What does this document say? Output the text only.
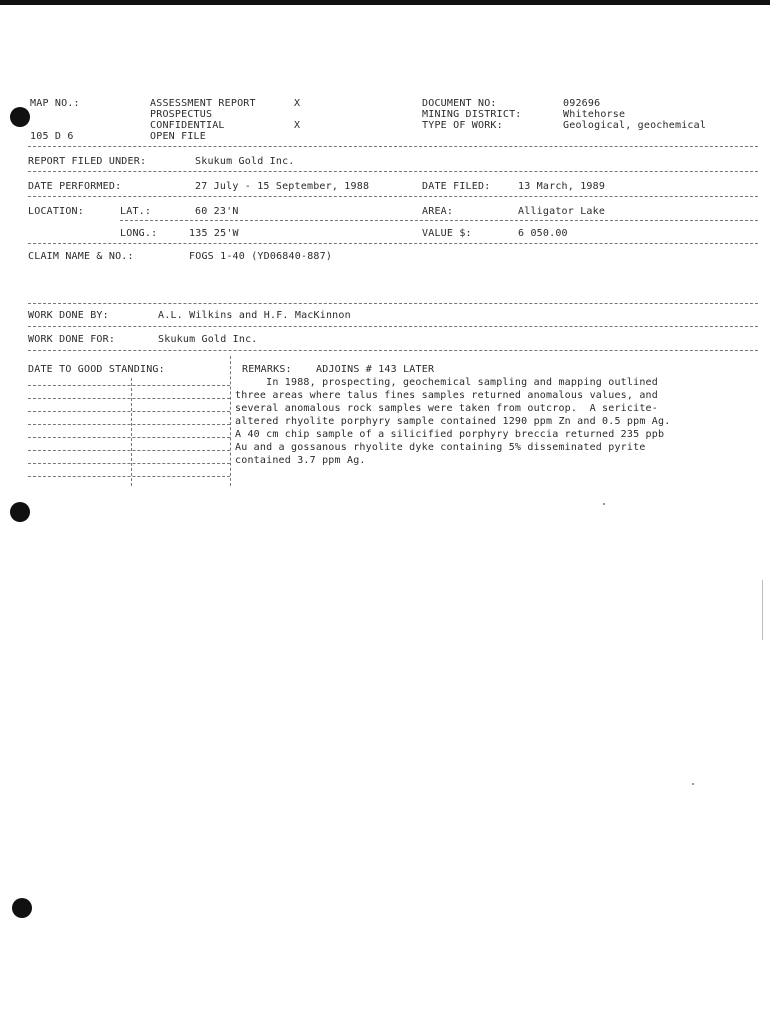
MAP NO.:
105 D 6
ASSESSMENT REPORT	X
PROSPECTUS
CONFIDENTIAL	X
OPEN FILE
DOCUMENT NO:	092696
MINING DISTRICT:	Whitehorse
TYPE OF WORK:	Geological, geochemical
REPORT FILED UNDER:	Skukum Gold Inc.
DATE PERFORMED:	27 July - 15 September, 1988	DATE FILED:	13 March, 1989
LOCATION:	LAT.:	60 23'N	AREA:	Alligator Lake
LONG.:	135 25'W	VALUE $:	6 050.00
CLAIM NAME & NO.:	FOGS 1-40 (YD06840-887)
WORK DONE BY:	A.L. Wilkins and H.F. MacKinnon
WORK DONE FOR:	Skukum Gold Inc.
DATE TO GOOD STANDING:	REMARKS: ADJOINS # 143 LATER
In 1988, prospecting, geochemical sampling and mapping outlined
three areas where talus fines samples returned anomalous values, and
several anomalous rock samples were taken from outcrop.  A sericite-
altered rhyolite porphyry sample contained 1290 ppm Zn and 0.5 ppm Ag.
A 40 cm chip sample of a silicified porphyry breccia returned 235 ppb
Au and a gossanous rhyolite dyke containing 5% disseminated pyrite
contained 3.7 ppm Ag.
